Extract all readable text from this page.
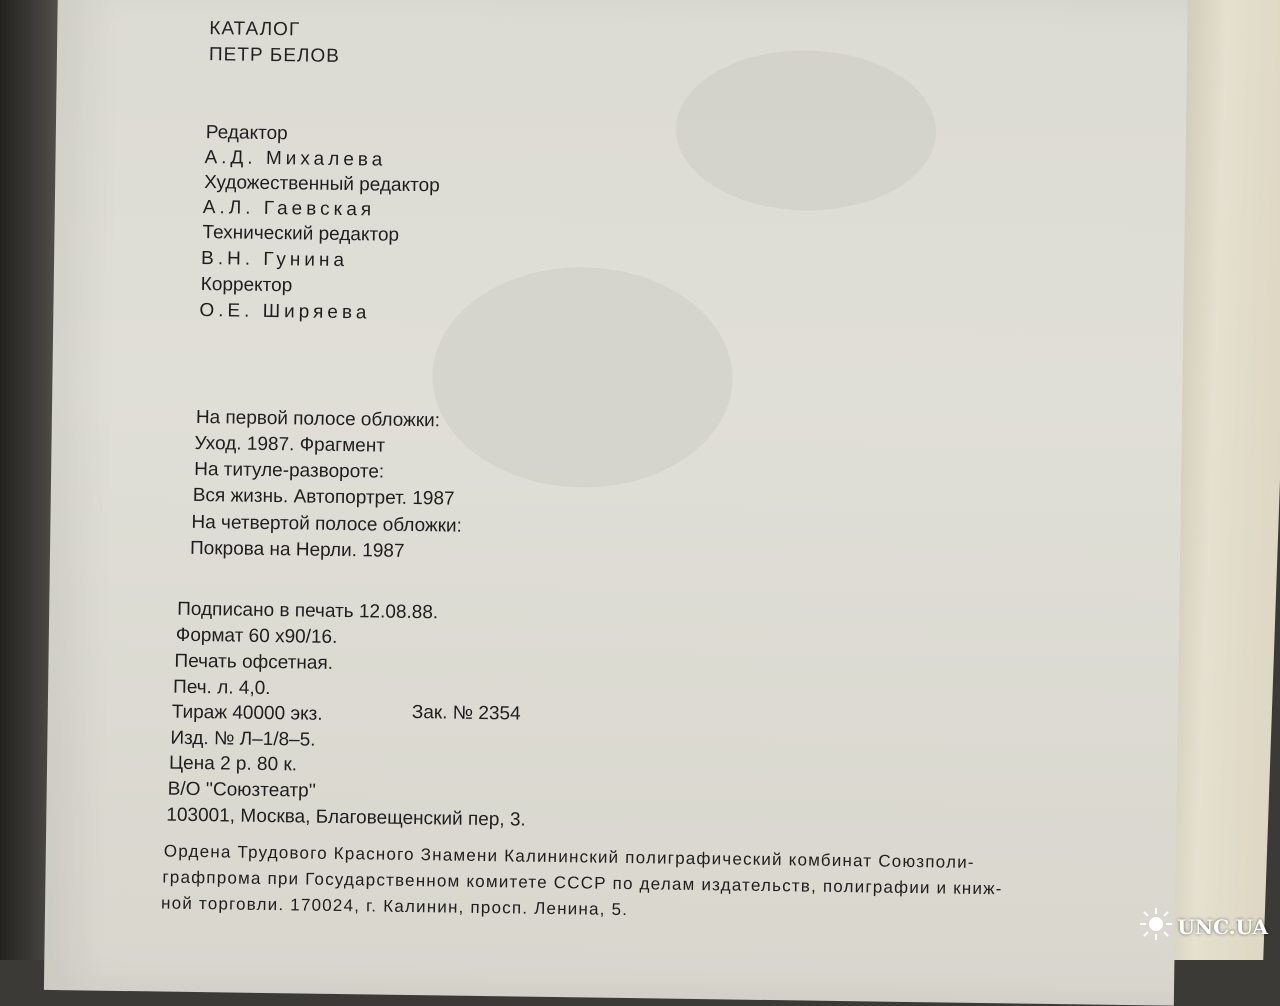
КАТАЛОГ
ПЕТР БЕЛОВ
Редактор
А.Д. Михалева
Художественный редактор
А.Л. Гаевская
Технический редактор
В.Н. Гунина
Корректор
О.Е. Ширяева
На первой полосе обложки:
Уход. 1987. Фрагмент
На титуле-развороте:
Вся жизнь. Автопортрет. 1987
На четвертой полосе обложки:
Покрова на Нерли. 1987
Подписано в печать 12.08.88.
Формат 60 х90/16.
Печать офсетная.
Печ. л. 4,0.
Тираж 40000 экз.	Зак. № 2354
Изд. № Л–1/8–5.
Цена 2 р. 80 к.
В/О ''Союзтеатр''
103001, Москва, Благовещенский пер, 3.
Ордена Трудового Красного Знамени Калининский полиграфический комбинат Союзполи-
графпрома при Государственном комитете СССР по делам издательств, полиграфии и книж-
ной торговли. 170024, г. Калинин, просп. Ленина, 5.
UNC.UA
